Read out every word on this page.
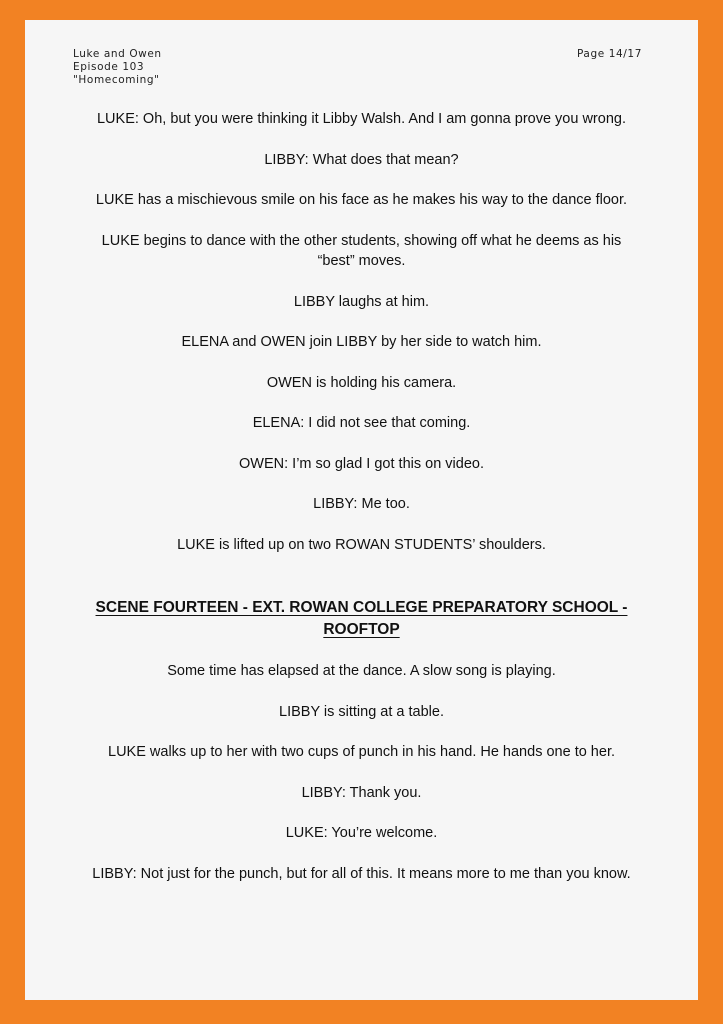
Luke and Owen
Episode 103
"Homecoming"
Page 14/17

LUKE: Oh, but you were thinking it Libby Walsh. And I am gonna prove you wrong.

LIBBY: What does that mean?

LUKE has a mischievous smile on his face as he makes his way to the dance floor.

LUKE begins to dance with the other students, showing off what he deems as his “best” moves.

LIBBY laughs at him.

ELENA and OWEN join LIBBY by her side to watch him.

OWEN is holding his camera.

ELENA: I did not see that coming.

OWEN: I’m so glad I got this on video.

LIBBY: Me too.

LUKE is lifted up on two ROWAN STUDENTS’ shoulders.

SCENE FOURTEEN - EXT. ROWAN COLLEGE PREPARATORY SCHOOL - ROOFTOP

Some time has elapsed at the dance. A slow song is playing.

LIBBY is sitting at a table.

LUKE walks up to her with two cups of punch in his hand. He hands one to her.

LIBBY: Thank you.

LUKE: You’re welcome.

LIBBY: Not just for the punch, but for all of this. It means more to me than you know.
